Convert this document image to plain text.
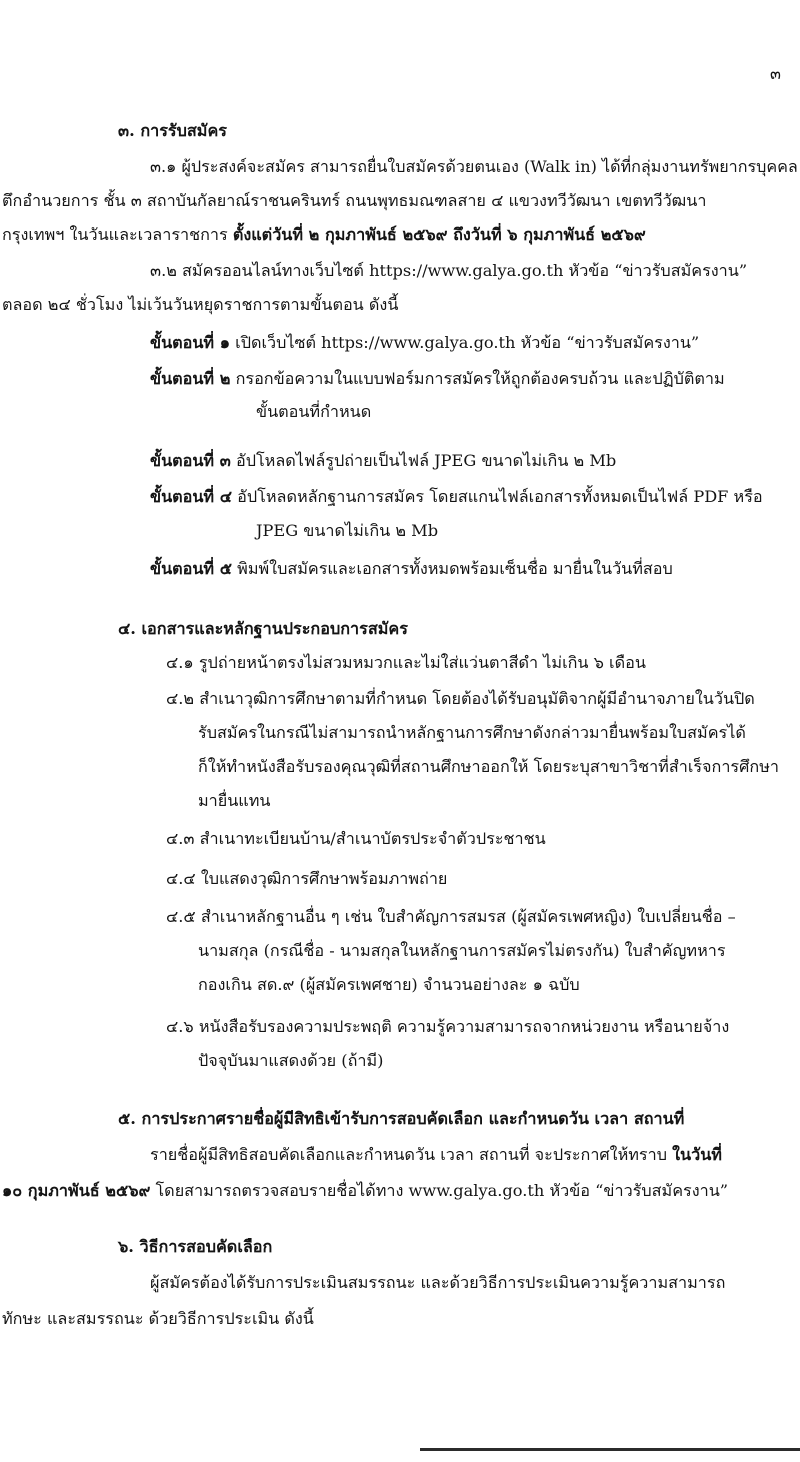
๓
๓. การรับสมัคร
๓.๑ ผู้ประสงค์จะสมัคร สามารถยื่นใบสมัครด้วยตนเอง (Walk in) ได้ที่กลุ่มงานทรัพยากรบุคคล
ตึกอำนวยการ ชั้น ๓ สถาบันกัลยาณ์ราชนครินทร์ ถนนพุทธมณฑลสาย ๔ แขวงทวีวัฒนา เขตทวีวัฒนา
กรุงเทพฯ ในวันและเวลาราชการ ตั้งแต่วันที่ ๒ กุมภาพันธ์ ๒๕๖๙ ถึงวันที่ ๖ กุมภาพันธ์ ๒๕๖๙
๓.๒ สมัครออนไลน์ทางเว็บไซต์ https://www.galya.go.th หัวข้อ “ข่าวรับสมัครงาน”
ตลอด ๒๔ ชั่วโมง ไม่เว้นวันหยุดราชการตามขั้นตอน ดังนี้
ขั้นตอนที่ ๑ เปิดเว็บไซต์ https://www.galya.go.th หัวข้อ “ข่าวรับสมัครงาน”
ขั้นตอนที่ ๒ กรอกข้อความในแบบฟอร์มการสมัครให้ถูกต้องครบถ้วน และปฏิบัติตาม
ขั้นตอนที่กำหนด
ขั้นตอนที่ ๓ อัปโหลดไฟล์รูปถ่ายเป็นไฟล์ JPEG ขนาดไม่เกิน ๒ Mb
ขั้นตอนที่ ๔ อัปโหลดหลักฐานการสมัคร โดยสแกนไฟล์เอกสารทั้งหมดเป็นไฟล์ PDF หรือ
JPEG ขนาดไม่เกิน ๒ Mb
ขั้นตอนที่ ๕ พิมพ์ใบสมัครและเอกสารทั้งหมดพร้อมเซ็นชื่อ มายื่นในวันที่สอบ
๔. เอกสารและหลักฐานประกอบการสมัคร
๔.๑ รูปถ่ายหน้าตรงไม่สวมหมวกและไม่ใส่แว่นตาสีดำ ไม่เกิน ๖ เดือน
๔.๒ สำเนาวุฒิการศึกษาตามที่กำหนด โดยต้องได้รับอนุมัติจากผู้มีอำนาจภายในวันปิด
รับสมัครในกรณีไม่สามารถนำหลักฐานการศึกษาดังกล่าวมายื่นพร้อมใบสมัครได้
ก็ให้ทำหนังสือรับรองคุณวุฒิที่สถานศึกษาออกให้ โดยระบุสาขาวิชาที่สำเร็จการศึกษา
มายื่นแทน
๔.๓ สำเนาทะเบียนบ้าน/สำเนาบัตรประจำตัวประชาชน
๔.๔ ใบแสดงวุฒิการศึกษาพร้อมภาพถ่าย
๔.๕ สำเนาหลักฐานอื่น ๆ เช่น ใบสำคัญการสมรส (ผู้สมัครเพศหญิง) ใบเปลี่ยนชื่อ –
นามสกุล (กรณีชื่อ - นามสกุลในหลักฐานการสมัครไม่ตรงกัน) ใบสำคัญทหาร
กองเกิน สด.๙ (ผู้สมัครเพศชาย) จำนวนอย่างละ ๑ ฉบับ
๔.๖ หนังสือรับรองความประพฤติ ความรู้ความสามารถจากหน่วยงาน หรือนายจ้าง
ปัจจุบันมาแสดงด้วย (ถ้ามี)
๕. การประกาศรายชื่อผู้มีสิทธิเข้ารับการสอบคัดเลือก และกำหนดวัน เวลา สถานที่
รายชื่อผู้มีสิทธิสอบคัดเลือกและกำหนดวัน เวลา สถานที่ จะประกาศให้ทราบ ในวันที่
๑๐ กุมภาพันธ์ ๒๕๖๙ โดยสามารถตรวจสอบรายชื่อได้ทาง www.galya.go.th หัวข้อ “ข่าวรับสมัครงาน”
๖. วิธีการสอบคัดเลือก
ผู้สมัครต้องได้รับการประเมินสมรรถนะ และด้วยวิธีการประเมินความรู้ความสามารถ
ทักษะ และสมรรถนะ ด้วยวิธีการประเมิน ดังนี้
